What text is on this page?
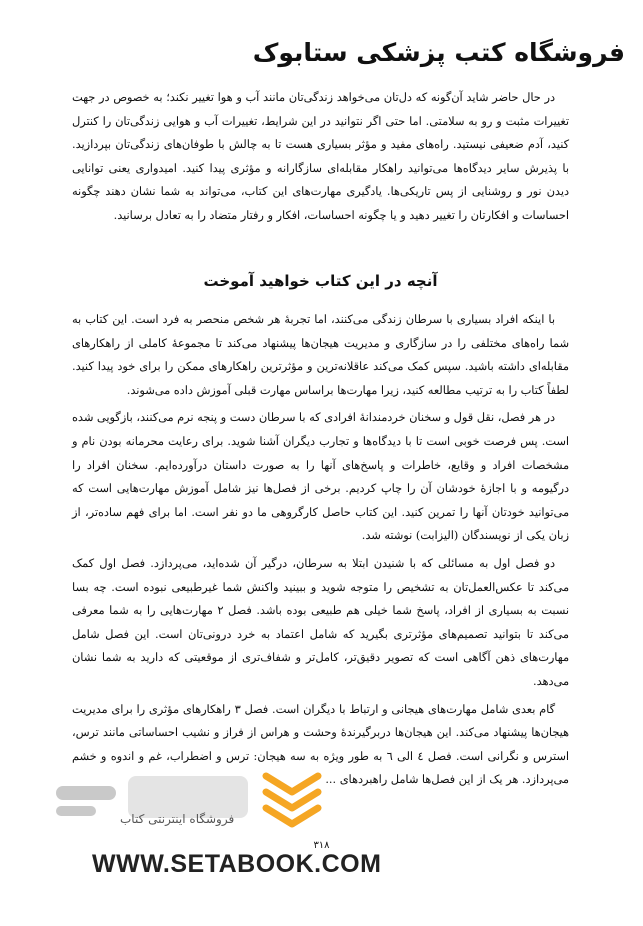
فروشگاه کتب پزشکی ستابوک

در حال حاضر شاید آن‌گونه که دل‌تان می‌خواهد زندگی‌تان مانند آب و هوا تغییر نکند؛ به خصوص در جهت تغییرات مثبت و رو به سلامتی. اما حتی اگر نتوانید در این شرایط، تغییرات آب و هوایی زندگی‌تان را کنترل کنید، آدم ضعیفی نیستید. راه‌های مفید و مؤثر بسیاری هست تا به چالش با طوفان‌های زندگی‌تان بپردازید. با پذیرش سایر دیدگاه‌ها می‌توانید راهکار مقابله‌ای سازگارانه و مؤثری پیدا کنید. امیدواری یعنی توانایی دیدن نور و روشنایی از پس تاریکی‌ها. یادگیری مهارت‌های این کتاب، می‌تواند به شما نشان دهند چگونه احساسات و افکارتان را تغییر دهید و یا چگونه احساسات، افکار و رفتار متضاد را به تعادل برسانید.

آنچه در این کتاب خواهید آموخت

با اینکه افراد بسیاری با سرطان زندگی می‌کنند، اما تجربهٔ هر شخص منحصر به فرد است. این کتاب به شما راه‌های مختلفی را در سازگاری و مدیریت هیجان‌ها پیشنهاد می‌کند تا مجموعهٔ کاملی از راهکارهای مقابله‌ای داشته باشید. سپس کمک می‌کند عاقلانه‌ترین و مؤثرترین راهکارهای ممکن را برای خود پیدا کنید. لطفاً کتاب را به ترتیب مطالعه کنید، زیرا مهارت‌ها براساس مهارت قبلی آموزش داده می‌شوند.

در هر فصل، نقل قول و سخنان خردمندانهٔ افرادی که با سرطان دست و پنجه نرم می‌کنند، بازگویی شده است. پس فرصت خوبی است تا با دیدگاه‌ها و تجارب دیگران آشنا شوید. برای رعایت محرمانه بودن نام و مشخصات افراد و وقایع، خاطرات و پاسخ‌های آنها را به صورت داستان درآورده‌ایم. سخنان افراد را درگیومه و با اجازهٔ خودشان آن را چاپ کردیم. برخی از فصل‌ها نیز شامل آموزش مهارت‌هایی است که می‌توانید خودتان آنها را تمرین کنید. این کتاب حاصل کارگروهی ما دو نفر است. اما برای فهم ساده‌تر، از زبان یکی از نویسندگان (الیزابت) نوشته شد.

دو فصل اول به مسائلی که با شنیدن ابتلا به سرطان، درگیر آن شده‌اید، می‌پردازد. فصل اول کمک می‌کند تا عکس‌العمل‌تان به تشخیص را متوجه شوید و ببینید واکنش شما غیرطبیعی نبوده است. چه بسا نسبت به بسیاری از افراد، پاسخ شما خیلی هم طبیعی بوده باشد. فصل ۲ مهارت‌هایی را به شما معرفی می‌کند تا بتوانید تصمیم‌های مؤثرتری بگیرید که شامل اعتماد به خرد درونی‌تان است. این فصل شامل مهارت‌های ذهن آگاهی است که تصویر دقیق‌تر، کامل‌تر و شفاف‌تری از موقعیتی که دارید به شما نشان می‌دهد.

گام بعدی شامل مهارت‌های هیجانی و ارتباط با دیگران است. فصل ۳ راهکارهای مؤثری را برای مدیریت هیجان‌ها پیشنهاد می‌کند. این هیجان‌ها دربرگیرندهٔ وحشت و هراس از فراز و نشیب احساساتی مانند ترس، استرس و نگرانی است. فصل ٤ الی ٦ به طور ویژه به سه هیجان: ترس و اضطراب، غم و اندوه و خشم می‌پردازد. هر یک از این فصل‌ها شامل راهبردهای ...

فروشگاه اینترنتی کتاب
۳۱۸
WWW.SETABOOK.COM
